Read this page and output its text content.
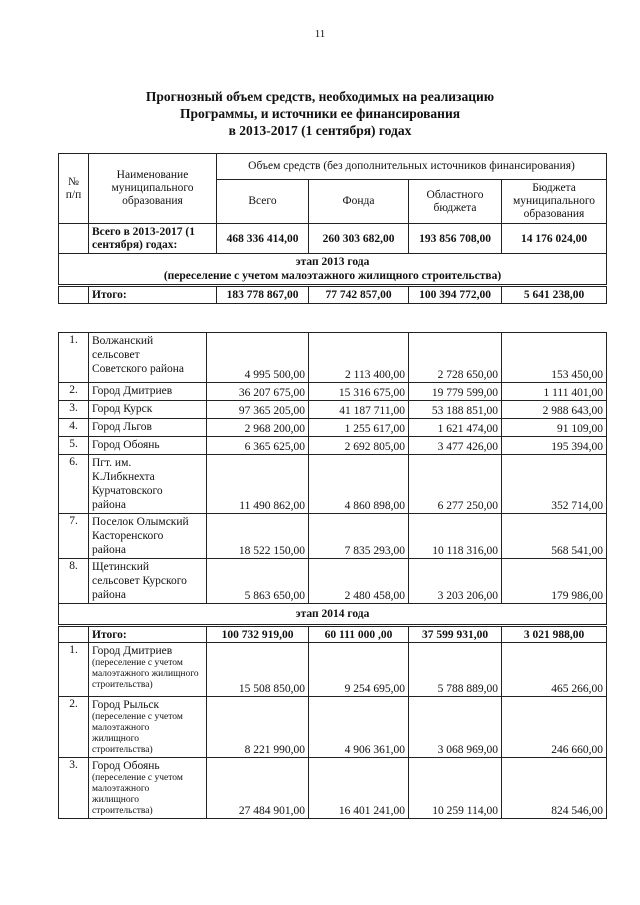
11
Прогнозный объем средств, необходимых на реализацию
Программы, и источники ее финансирования
в 2013-2017 (1 сентября) годах
№ п/п	Наименование муниципального образования	Объем средств (без дополнительных источников финансирования)			
		Всего	Фонда	Областного бюджета	Бюджета муниципального образования
	Всего в 2013-2017 (1 сентября) годах:	468 336 414,00	260 303 682,00	193 856 708,00	14 176 024,00

этап 2013 года
(переселение с учетом малоэтажного жилищного строительства)					

	Итого:	183 778 867,00	77 742 857,00	100 394 772,00	5 641 238,00
1.	Волжанский
сельсовет
Советского района	4 995 500,00	2 113 400,00	2 728 650,00	153 450,00
2.	Город Дмитриев	36 207 675,00	15 316 675,00	19 779 599,00	1 111 401,00
3.	Город Курск	97 365 205,00	41 187 711,00	53 188 851,00	2 988 643,00
4.	Город Льгов	2 968 200,00	1 255 617,00	1 621 474,00	91 109,00
5.	Город Обоянь	6 365 625,00	2 692 805,00	3 477 426,00	195 394,00
6.	Пгт. им.
К.Либкнехта
Курчатовского
района	11 490 862,00	4 860 898,00	6 277 250,00	352 714,00
7.	Поселок Олымский
Касторенского
района	18 522 150,00	7 835 293,00	10 118 316,00	568 541,00
8.	Щетинский
сельсовет Курского
района	5 863 650,00	2 480 458,00	3 203 206,00	179 986,00
этап 2014 года					
	Итого:	100 732 919,00	60 111 000 ,00	37 599 931,00	3 021 988,00
1.	Город Дмитриев
(переселение с учетом
малоэтажного жилищного
строительства)	15 508 850,00	9 254 695,00	5 788 889,00	465 266,00
2.	Город Рыльск
(переселение с учетом
малоэтажного
жилищного
строительства)	8 221 990,00	4 906 361,00	3 068 969,00	246 660,00
3.	Город Обоянь
(переселение с учетом
малоэтажного
жилищного
строительства)	27 484 901,00	16 401 241,00	10 259 114,00	824 546,00
